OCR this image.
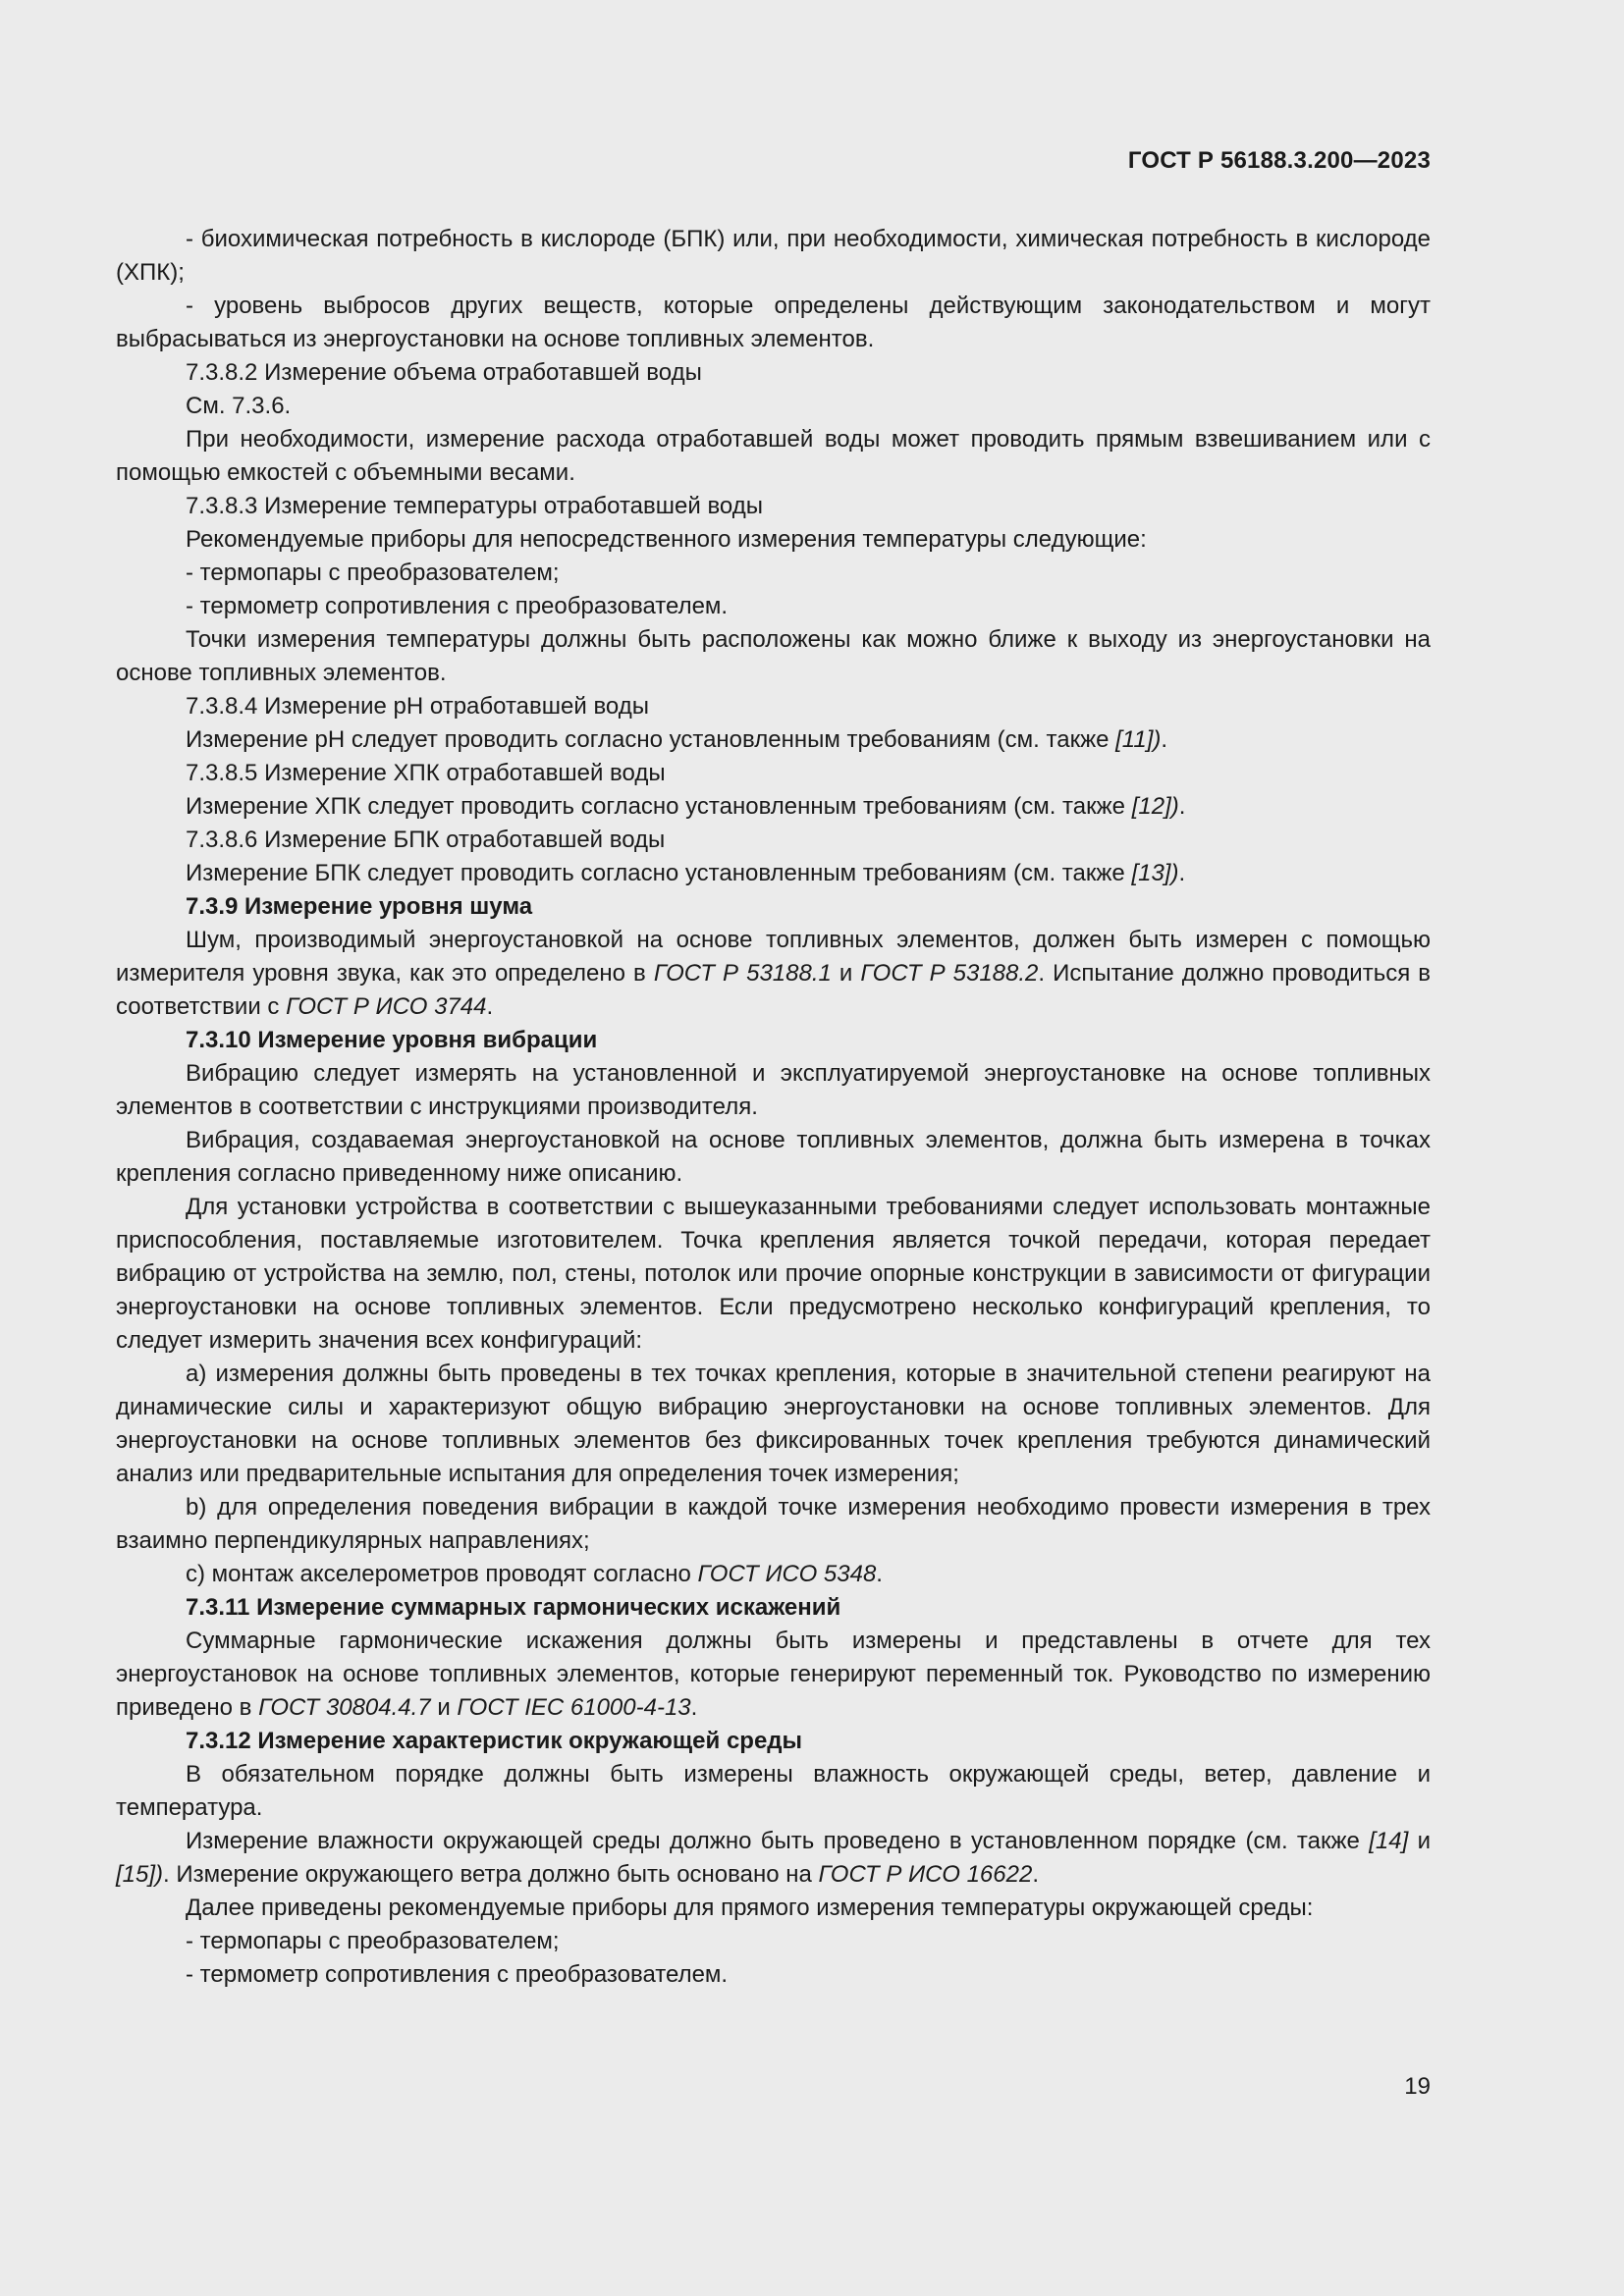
ГОСТ Р 56188.3.200—2023

- биохимическая потребность в кислороде (БПК) или, при необходимости, химическая потребность в кислороде (ХПК);

- уровень выбросов других веществ, которые определены действующим законодательством и могут выбрасываться из энергоустановки на основе топливных элементов.

7.3.8.2 Измерение объема отработавшей воды

См. 7.3.6.

При необходимости, измерение расхода отработавшей воды может проводить прямым взвешиванием или с помощью емкостей с объемными весами.

7.3.8.3 Измерение температуры отработавшей воды

Рекомендуемые приборы для непосредственного измерения температуры следующие:

- термопары с преобразователем;

- термометр сопротивления с преобразователем.

Точки измерения температуры должны быть расположены как можно ближе к выходу из энергоустановки на основе топливных элементов.

7.3.8.4 Измерение pH отработавшей воды

Измерение pH следует проводить согласно установленным требованиям (см. также [11]).

7.3.8.5 Измерение ХПК отработавшей воды

Измерение ХПК следует проводить согласно установленным требованиям (см. также [12]).

7.3.8.6 Измерение БПК отработавшей воды

Измерение БПК следует проводить согласно установленным требованиям (см. также [13]).

7.3.9 Измерение уровня шума

Шум, производимый энергоустановкой на основе топливных элементов, должен быть измерен с помощью измерителя уровня звука, как это определено в ГОСТ Р 53188.1 и ГОСТ Р 53188.2. Испытание должно проводиться в соответствии с ГОСТ Р ИСО 3744.

7.3.10 Измерение уровня вибрации

Вибрацию следует измерять на установленной и эксплуатируемой энергоустановке на основе топливных элементов в соответствии с инструкциями производителя.

Вибрация, создаваемая энергоустановкой на основе топливных элементов, должна быть измерена в точках крепления согласно приведенному ниже описанию.

Для установки устройства в соответствии с вышеуказанными требованиями следует использовать монтажные приспособления, поставляемые изготовителем. Точка крепления является точкой передачи, которая передает вибрацию от устройства на землю, пол, стены, потолок или прочие опорные конструкции в зависимости от фигурации энергоустановки на основе топливных элементов. Если предусмотрено несколько конфигураций крепления, то следует измерить значения всех конфигураций:

а) измерения должны быть проведены в тех точках крепления, которые в значительной степени реагируют на динамические силы и характеризуют общую вибрацию энергоустановки на основе топливных элементов. Для энергоустановки на основе топливных элементов без фиксированных точек крепления требуются динамический анализ или предварительные испытания для определения точек измерения;

b) для определения поведения вибрации в каждой точке измерения необходимо провести измерения в трех взаимно перпендикулярных направлениях;

c) монтаж акселерометров проводят согласно ГОСТ ИСО 5348.

7.3.11 Измерение суммарных гармонических искажений

Суммарные гармонические искажения должны быть измерены и представлены в отчете для тех энергоустановок на основе топливных элементов, которые генерируют переменный ток. Руководство по измерению приведено в ГОСТ 30804.4.7 и ГОСТ IEC 61000-4-13.

7.3.12 Измерение характеристик окружающей среды

В обязательном порядке должны быть измерены влажность окружающей среды, ветер, давление и температура.

Измерение влажности окружающей среды должно быть проведено в установленном порядке (см. также [14] и [15]). Измерение окружающего ветра должно быть основано на ГОСТ Р ИСО 16622.

Далее приведены рекомендуемые приборы для прямого измерения температуры окружающей среды:

- термопары с преобразователем;

- термометр сопротивления с преобразователем.

19
